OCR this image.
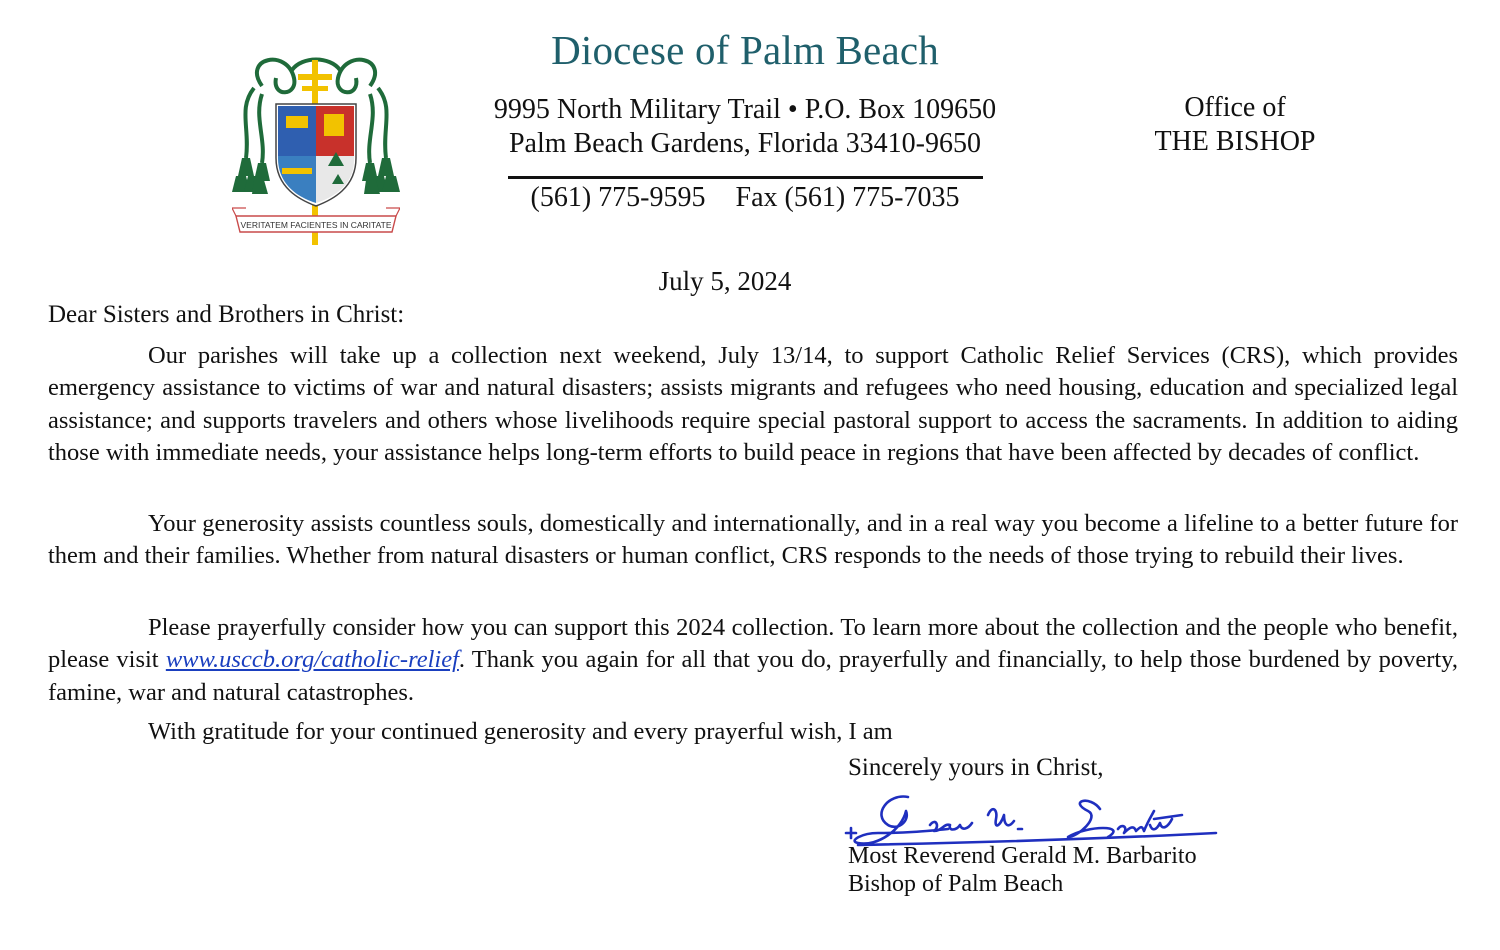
VERITATEM FACIENTES IN CARITATE
Diocese of Palm Beach
9995 North Military Trail • P.O. Box 109650
Palm Beach Gardens, Florida 33410-9650
(561) 775-9595 Fax (561) 775-7035
Office of
THE BISHOP
July 5, 2024
Dear Sisters and Brothers in Christ:

Our parishes will take up a collection next weekend, July 13/14, to support Catholic Relief Services (CRS), which provides emergency assistance to victims of war and natural disasters; assists migrants and refugees who need housing, education and specialized legal assistance; and supports travelers and others whose livelihoods require special pastoral support to access the sacraments. In addition to aiding those with immediate needs, your assistance helps long-term efforts to build peace in regions that have been affected by decades of conflict.

Your generosity assists countless souls, domestically and internationally, and in a real way you become a lifeline to a better future for them and their families. Whether from natural disasters or human conflict, CRS responds to the needs of those trying to rebuild their lives.

Please prayerfully consider how you can support this 2024 collection. To learn more about the collection and the people who benefit, please visit www.usccb.org/catholic-relief. Thank you again for all that you do, prayerfully and financially, to help those burdened by poverty, famine, war and natural catastrophes.

With gratitude for your continued generosity and every prayerful wish, I am

Sincerely yours in Christ,
Most Reverend Gerald M. Barbarito
Bishop of Palm Beach
